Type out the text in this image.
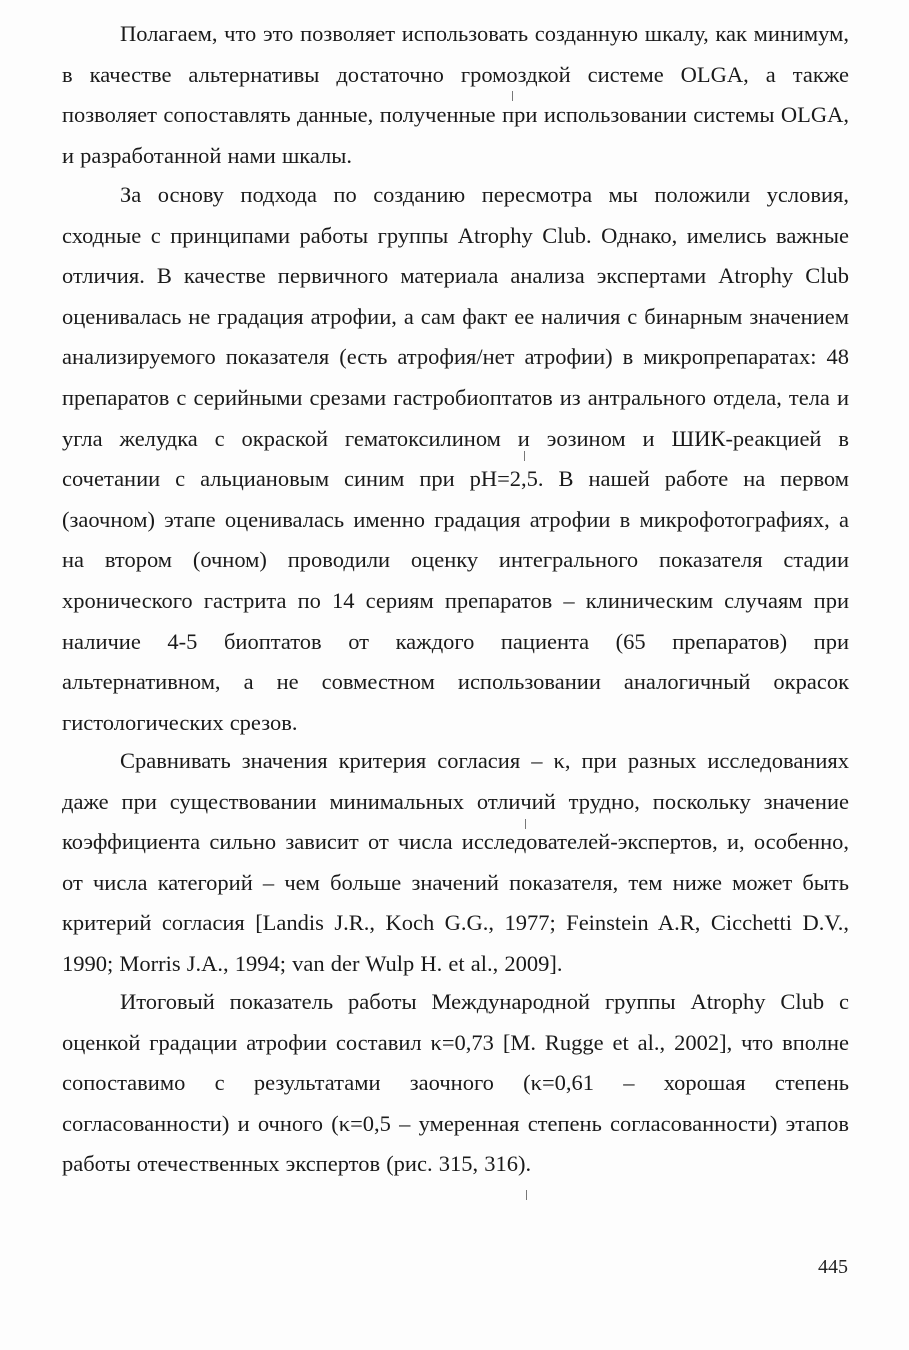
Полагаем, что это позволяет использовать созданную шкалу, как минимум, в качестве альтернативы достаточно громоздкой системе OLGA, а также позволяет сопоставлять данные, полученные при использовании системы OLGA, и разработанной нами шкалы.

За основу подхода по созданию пересмотра мы положили условия, сходные с принципами работы группы Atrophy Club. Однако, имелись важные отличия. В качестве первичного материала анализа экспертами Atrophy Club оценивалась не градация атрофии, а сам факт ее наличия с бинарным значением анализируемого показателя (есть атрофия/нет атрофии) в микропрепаратах: 48 препаратов с серийными срезами гастробиоптатов из антрального отдела, тела и угла желудка с окраской гематоксилином и эозином и ШИК-реакцией в сочетании с альциановым синим при pH=2,5. В нашей работе на первом (заочном) этапе оценивалась именно градация атрофии в микрофотографиях, а на втором (очном) проводили оценку интегрального показателя стадии хронического гастрита по 14 сериям препаратов – клиническим случаям при наличие 4-5 биоптатов от каждого пациента (65 препаратов) при альтернативном, а не совместном использовании аналогичный окрасок гистологических срезов.

Сравнивать значения критерия согласия – κ, при разных исследованиях даже при существовании минимальных отличий трудно, поскольку значение коэффициента сильно зависит от числа исследователей-экспертов, и, особенно, от числа категорий – чем больше значений показателя, тем ниже может быть критерий согласия [Landis J.R., Koch G.G., 1977; Feinstein A.R, Cicchetti D.V., 1990; Morris J.A., 1994; van der Wulp H. et al., 2009].

Итоговый показатель работы Международной группы Atrophy Club с оценкой градации атрофии составил κ=0,73 [M. Rugge et al., 2002], что вполне сопоставимо с результатами заочного (κ=0,61 – хорошая степень согласованности) и очного (κ=0,5 – умеренная степень согласованности) этапов работы отечественных экспертов (рис. 315, 316).

445
